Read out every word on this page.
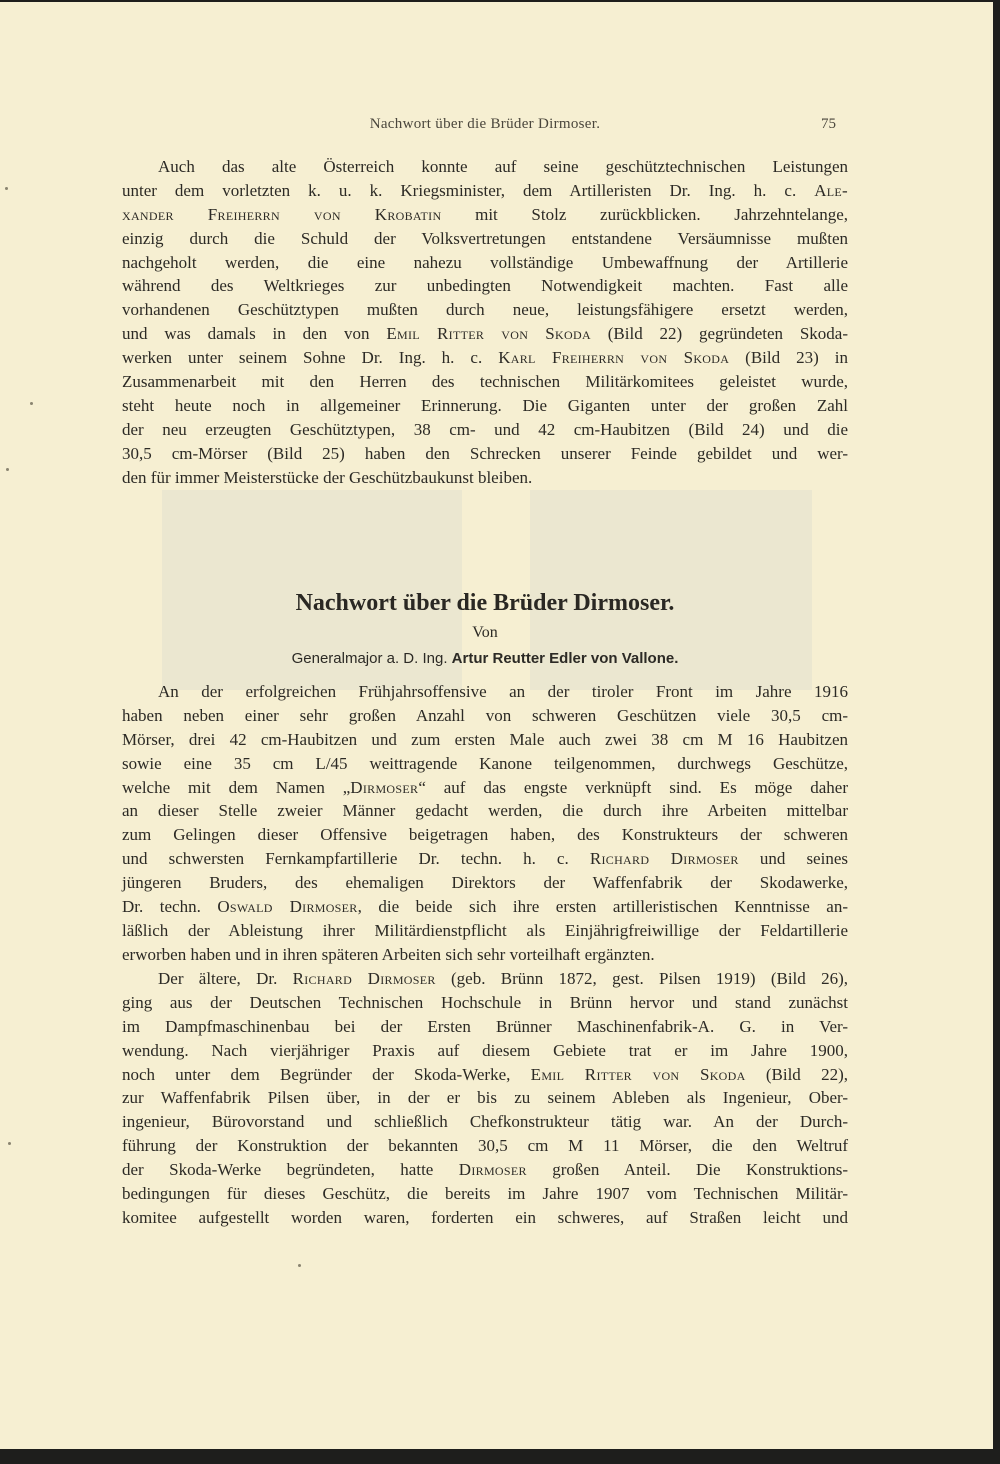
Nachwort über die Brüder Dirmoser.	75
Auch das alte Österreich konnte auf seine geschütztechnischen Leistungen
unter dem vorletzten k. u. k. Kriegsminister, dem Artilleristen Dr. Ing. h. c. Ale-
xander Freiherrn von Krobatin mit Stolz zurückblicken. Jahrzehntelange,
einzig durch die Schuld der Volksvertretungen entstandene Versäumnisse mußten
nachgeholt werden, die eine nahezu vollständige Umbewaffnung der Artillerie
während des Weltkrieges zur unbedingten Notwendigkeit machten. Fast alle
vorhandenen Geschütztypen mußten durch neue, leistungsfähigere ersetzt werden,
und was damals in den von Emil Ritter von Skoda (Bild 22) gegründeten Skoda-
werken unter seinem Sohne Dr. Ing. h. c. Karl Freiherrn von Skoda (Bild 23) in
Zusammenarbeit mit den Herren des technischen Militärkomitees geleistet wurde,
steht heute noch in allgemeiner Erinnerung. Die Giganten unter der großen Zahl
der neu erzeugten Geschütztypen, 38 cm- und 42 cm-Haubitzen (Bild 24) und die
30,5 cm-Mörser (Bild 25) haben den Schrecken unserer Feinde gebildet und wer-
den für immer Meisterstücke der Geschützbaukunst bleiben.
Nachwort über die Brüder Dirmoser.
Von
Generalmajor a. D. Ing. Artur Reutter Edler von Vallone.
An der erfolgreichen Frühjahrsoffensive an der tiroler Front im Jahre 1916
haben neben einer sehr großen Anzahl von schweren Geschützen viele 30,5 cm-
Mörser, drei 42 cm-Haubitzen und zum ersten Male auch zwei 38 cm M 16 Haubitzen
sowie eine 35 cm L/45 weittragende Kanone teilgenommen, durchwegs Geschütze,
welche mit dem Namen „Dirmoser“ auf das engste verknüpft sind. Es möge daher
an dieser Stelle zweier Männer gedacht werden, die durch ihre Arbeiten mittelbar
zum Gelingen dieser Offensive beigetragen haben, des Konstrukteurs der schweren
und schwersten Fernkampfartillerie Dr. techn. h. c. Richard Dirmoser und seines
jüngeren Bruders, des ehemaligen Direktors der Waffenfabrik der Skodawerke,
Dr. techn. Oswald Dirmoser, die beide sich ihre ersten artilleristischen Kenntnisse an-
läßlich der Ableistung ihrer Militärdienstpflicht als Einjährigfreiwillige der Feldartillerie
erworben haben und in ihren späteren Arbeiten sich sehr vorteilhaft ergänzten.
Der ältere, Dr. Richard Dirmoser (geb. Brünn 1872, gest. Pilsen 1919) (Bild 26),
ging aus der Deutschen Technischen Hochschule in Brünn hervor und stand zunächst
im Dampfmaschinenbau bei der Ersten Brünner Maschinenfabrik-A. G. in Ver-
wendung. Nach vierjähriger Praxis auf diesem Gebiete trat er im Jahre 1900,
noch unter dem Begründer der Skoda-Werke, Emil Ritter von Skoda (Bild 22),
zur Waffenfabrik Pilsen über, in der er bis zu seinem Ableben als Ingenieur, Ober-
ingenieur, Bürovorstand und schließlich Chefkonstrukteur tätig war. An der Durch-
führung der Konstruktion der bekannten 30,5 cm M 11 Mörser, die den Weltruf
der Skoda-Werke begründeten, hatte Dirmoser großen Anteil. Die Konstruktions-
bedingungen für dieses Geschütz, die bereits im Jahre 1907 vom Technischen Militär-
komitee aufgestellt worden waren, forderten ein schweres, auf Straßen leicht und
